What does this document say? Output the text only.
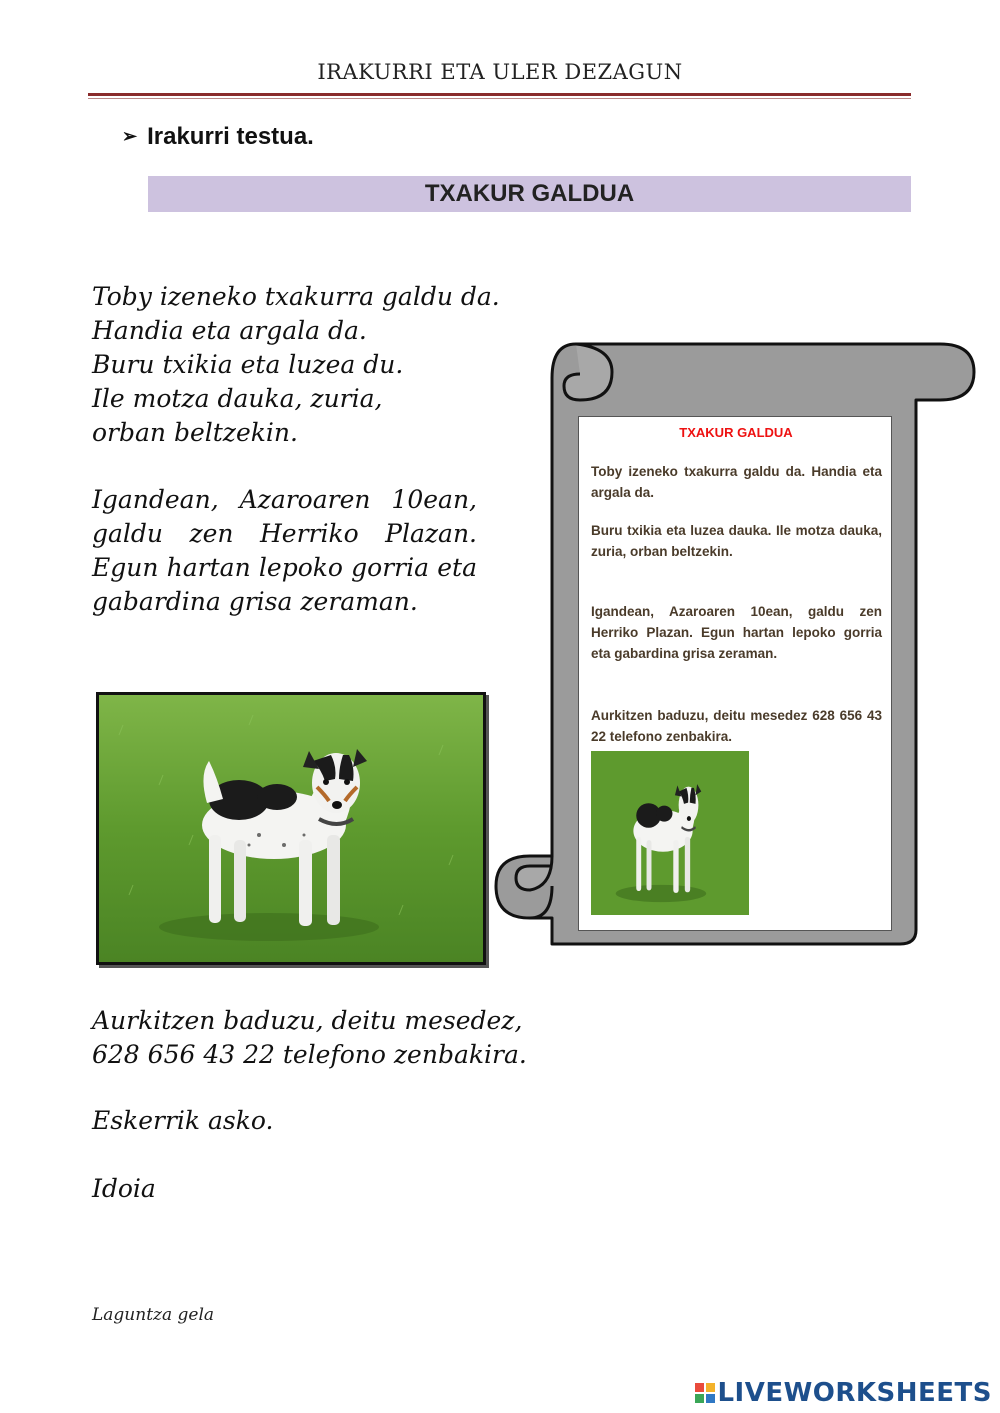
IRAKURRI ETA ULER DEZAGUN
➢ Irakurri testua.
TXAKUR GALDUA
Toby izeneko txakurra galdu da.
Handia eta argala da.
Buru txikia eta luzea du.
Ile motza dauka, zuria,
orban beltzekin.
Igandean, Azaroaren 10ean, galdu zen Herriko Plazan. Egun hartan lepoko gorria eta gabardina grisa zeraman.
TXAKUR GALDUA
Toby izeneko txakurra galdu da. Handia eta argala da.
Buru txikia eta luzea dauka. Ile motza dauka, zuria, orban beltzekin.
Igandean, Azaroaren 10ean, galdu zen Herriko Plazan. Egun hartan lepoko gorria eta gabardina grisa zeraman.
Aurkitzen baduzu, deitu mesedez 628 656 43 22 telefono zenbakira.
Aurkitzen baduzu, deitu mesedez,
628 656 43 22 telefono zenbakira.
Eskerrik asko.
Idoia
Laguntza gela
LIVEWORKSHEETS
